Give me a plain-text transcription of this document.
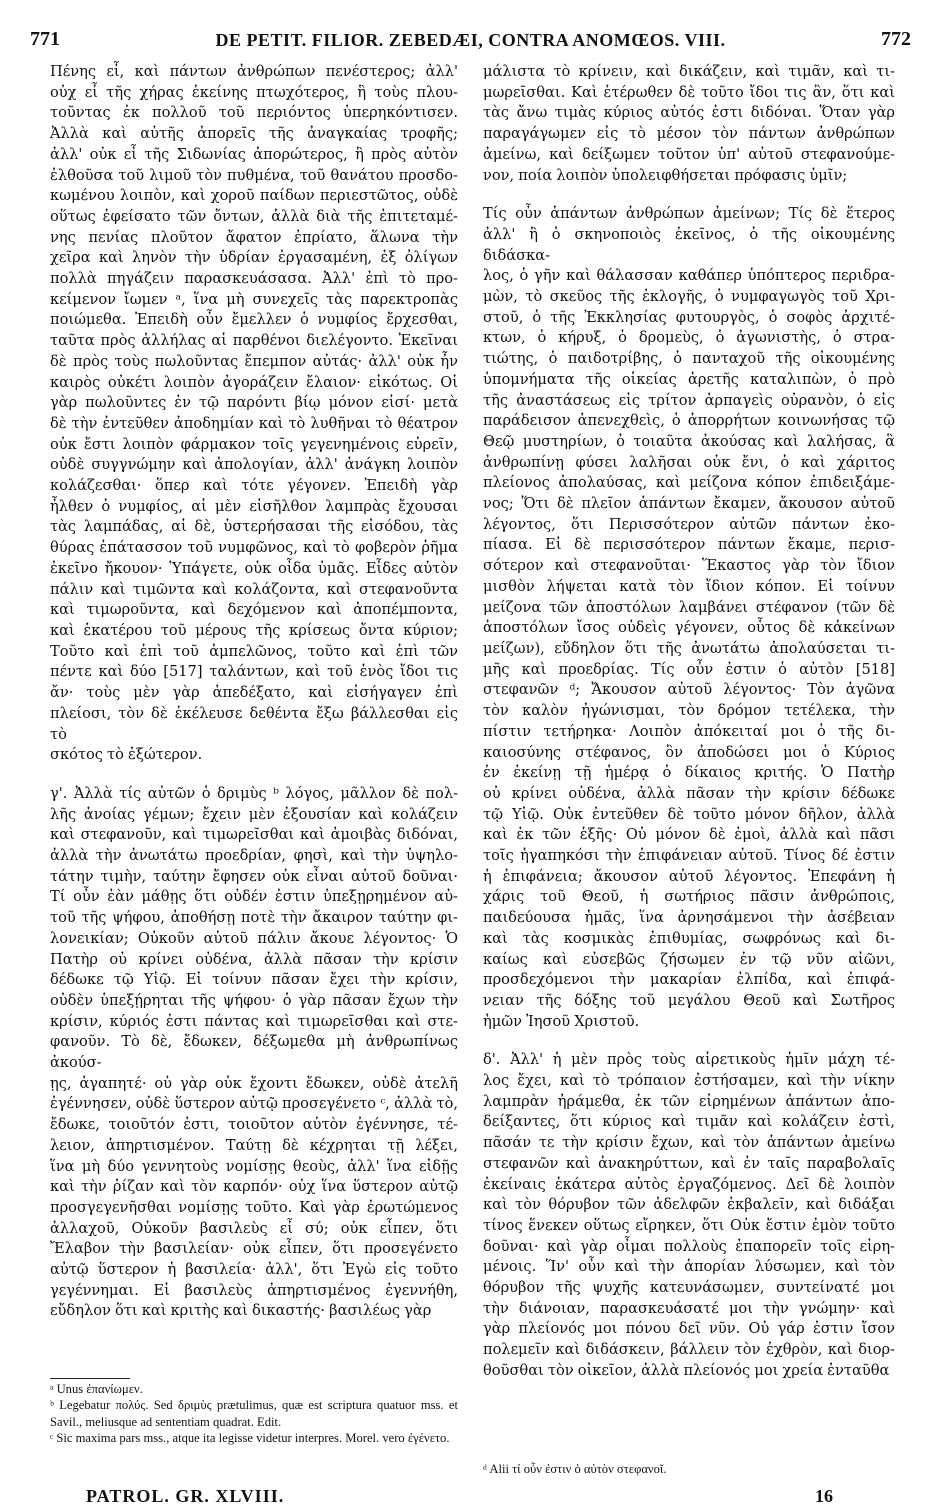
771	DE PETIT. FILIOR. ZEBEDÆI, CONTRA ANOMŒOS. VIII.	772

Πένης εἶ, καὶ πάντων ἀνθρώπων πενέστερος; ἀλλ'

οὐχ εἶ τῆς χήρας ἐκείνης πτωχότερος, ἣ τοὺς πλου-

τοῦντας ἐκ πολλοῦ τοῦ περιόντος ὑπερηκόντισεν.

Ἀλλὰ καὶ αὐτῆς ἀπορεῖς τῆς ἀναγκαίας τροφῆς;

ἀλλ' οὐκ εἶ τῆς Σιδωνίας ἀπορώτερος, ἣ πρὸς αὐτὸν

ἐλθοῦσα τοῦ λιμοῦ τὸν πυθμένα, τοῦ θανάτου προσδο-

κωμένου λοιπὸν, καὶ χοροῦ παίδων περιεστῶτος, οὐδὲ

οὕτως ἐφείσατο τῶν ὄντων, ἀλλὰ διὰ τῆς ἐπιτεταμέ-

νης πενίας πλοῦτον ἄφατον ἐπρίατο, ἅλωνα τὴν

χεῖρα καὶ ληνὸν τὴν ὑδρίαν ἐργασαμένη, ἐξ ὀλίγων

πολλὰ πηγάζειν παρασκευάσασα. Ἀλλ' ἐπὶ τὸ προ-

κείμενον ἴωμεν ᵃ, ἵνα μὴ συνεχεῖς τὰς παρεκτροπὰς

ποιώμεθα. Ἐπειδὴ οὖν ἔμελλεν ὁ νυμφίος ἔρχεσθαι,

ταῦτα πρὸς ἀλλήλας αἱ παρθένοι διελέγοντο. Ἐκεῖναι

δὲ πρὸς τοὺς πωλοῦντας ἔπεμπον αὐτάς· ἀλλ' οὐκ ἦν

καιρὸς οὐκέτι λοιπὸν ἀγοράζειν ἔλαιον· εἰκότως. Οἱ

γὰρ πωλοῦντες ἐν τῷ παρόντι βίῳ μόνον εἰσί· μετὰ

δὲ τὴν ἐντεῦθεν ἀποδημίαν καὶ τὸ λυθῆναι τὸ θέατρον

οὐκ ἔστι λοιπὸν φάρμακον τοῖς γεγενημένοις εὑρεῖν,

οὐδὲ συγγνώμην καὶ ἀπολογίαν, ἀλλ' ἀνάγκη λοιπὸν

κολάζεσθαι· ὅπερ καὶ τότε γέγονεν. Ἐπειδὴ γὰρ

ἦλθεν ὁ νυμφίος, αἱ μὲν εἰσῆλθον λαμπρὰς ἔχουσαι

τὰς λαμπάδας, αἱ δὲ, ὑστερήσασαι τῆς εἰσόδου, τὰς

θύρας ἐπάτασσον τοῦ νυμφῶνος, καὶ τὸ φοβερὸν ῥῆμα

ἐκεῖνο ἤκουον· Ὑπάγετε, οὐκ οἶδα ὑμᾶς. Εἶδες αὐτὸν

πάλιν καὶ τιμῶντα καὶ κολάζοντα, καὶ στεφανοῦντα

καὶ τιμωροῦντα, καὶ δεχόμενον καὶ ἀποπέμποντα,

καὶ ἑκατέρου τοῦ μέρους τῆς κρίσεως ὄντα κύριον;

Τοῦτο καὶ ἐπὶ τοῦ ἀμπελῶνος, τοῦτο καὶ ἐπὶ τῶν

πέντε καὶ δύο [517] ταλάντων, καὶ τοῦ ἑνὸς ἴδοι τις

ἄν· τοὺς μὲν γὰρ ἀπεδέξατο, καὶ εἰσήγαγεν ἐπὶ

πλείοσι, τὸν δὲ ἐκέλευσε δεθέντα ἔξω βάλλεσθαι εἰς τὸ

σκότος τὸ ἐξώτερον.

γ'. Ἀλλὰ τίς αὐτῶν ὁ δριμὺς ᵇ λόγος, μᾶλλον δὲ πολ-

λῆς ἀνοίας γέμων; ἔχειν μὲν ἐξουσίαν καὶ κολάζειν

καὶ στεφανοῦν, καὶ τιμωρεῖσθαι καὶ ἀμοιβὰς διδόναι,

ἀλλὰ τὴν ἀνωτάτω προεδρίαν, φησὶ, καὶ τὴν ὑψηλο-

τάτην τιμὴν, ταύτην ἔφησεν οὐκ εἶναι αὐτοῦ δοῦναι·

Τί οὖν ἐὰν μάθῃς ὅτι οὐδέν ἐστιν ὑπεξῃρημένον αὐ-

τοῦ τῆς ψήφου, ἀποθήσῃ ποτὲ τὴν ἄκαιρον ταύτην φι-

λονεικίαν; Οὐκοῦν αὐτοῦ πάλιν ἄκουε λέγοντος· Ὁ

Πατὴρ οὐ κρίνει οὐδένα, ἀλλὰ πᾶσαν τὴν κρίσιν

δέδωκε τῷ Υἱῷ. Εἰ τοίνυν πᾶσαν ἔχει τὴν κρίσιν,

οὐδὲν ὑπεξῄρηται τῆς ψήφου· ὁ γὰρ πᾶσαν ἔχων τὴν

κρίσιν, κύριός ἐστι πάντας καὶ τιμωρεῖσθαι καὶ στε-

φανοῦν. Τὸ δὲ, ἔδωκεν, δέξωμεθα μὴ ἀνθρωπίνως ἀκούσ-

ῃς, ἀγαπητέ· οὐ γὰρ οὐκ ἔχοντι ἔδωκεν, οὐδὲ ἀτελῆ

ἐγέννησεν, οὐδὲ ὕστερον αὐτῷ προσεγένετο ᶜ, ἀλλὰ τὸ,

ἔδωκε, τοιοῦτόν ἐστι, τοιοῦτον αὐτὸν ἐγέννησε, τέ-

λειον, ἀπηρτισμένον. Ταύτῃ δὲ κέχρηται τῇ λέξει,

ἵνα μὴ δύο γεννητοὺς νομίσῃς θεοὺς, ἀλλ' ἵνα εἰδῇς

καὶ τὴν ῥίζαν καὶ τὸν καρπόν· οὐχ ἵνα ὕστερον αὐτῷ

προσγεγενῆσθαι νομίσῃς τοῦτο. Καὶ γὰρ ἐρωτώμενος

ἀλλαχοῦ, Οὐκοῦν βασιλεὺς εἶ σύ; οὐκ εἶπεν, ὅτι

Ἔλαβον τὴν βασιλείαν· οὐκ εἶπεν, ὅτι προσεγένετο

αὐτῷ ὕστερον ἡ βασιλεία· ἀλλ', ὅτι Ἐγὼ εἰς τοῦτο

γεγέννημαι. Εἰ βασιλεὺς ἀπηρτισμένος ἐγεννήθη,

εὔδηλον ὅτι καὶ κριτὴς καὶ δικαστής· βασιλέως γὰρ

μάλιστα τὸ κρίνειν, καὶ δικάζειν, καὶ τιμᾶν, καὶ τι-

μωρεῖσθαι. Καὶ ἑτέρωθεν δὲ τοῦτο ἴδοι τις ἂν, ὅτι καὶ

τὰς ἄνω τιμὰς κύριος αὐτός ἐστι διδόναι. Ὅταν γὰρ

παραγάγωμεν εἰς τὸ μέσον τὸν πάντων ἀνθρώπων

ἀμείνω, καὶ δείξωμεν τοῦτον ὑπ' αὐτοῦ στεφανούμε-

νον, ποία λοιπὸν ὑπολειφθήσεται πρόφασις ὑμῖν;

Τίς οὖν ἁπάντων ἀνθρώπων ἀμείνων; Τίς δὲ ἕτερος

ἀλλ' ἢ ὁ σκηνοποιὸς ἐκεῖνος, ὁ τῆς οἰκουμένης διδάσκα-

λος, ὁ γῆν καὶ θάλασσαν καθάπερ ὑπόπτερος περιδρα-

μὼν, τὸ σκεῦος τῆς ἐκλογῆς, ὁ νυμφαγωγὸς τοῦ Χρι-

στοῦ, ὁ τῆς Ἐκκλησίας φυτουργὸς, ὁ σοφὸς ἀρχιτέ-

κτων, ὁ κήρυξ, ὁ δρομεὺς, ὁ ἀγωνιστὴς, ὁ στρα-

τιώτης, ὁ παιδοτρίβης, ὁ πανταχοῦ τῆς οἰκουμένης

ὑπομνήματα τῆς οἰκείας ἀρετῆς καταλιπὼν, ὁ πρὸ

τῆς ἀναστάσεως εἰς τρίτον ἁρπαγεὶς οὐρανὸν, ὁ εἰς

παράδεισον ἀπενεχθεὶς, ὁ ἀπορρήτων κοινωνήσας τῷ

Θεῷ μυστηρίων, ὁ τοιαῦτα ἀκούσας καὶ λαλήσας, ἃ

ἀνθρωπίνῃ φύσει λαλῆσαι οὐκ ἔνι, ὁ καὶ χάριτος

πλείονος ἀπολαύσας, καὶ μείζονα κόπον ἐπιδειξάμε-

νος; Ὅτι δὲ πλεῖον ἁπάντων ἔκαμεν, ἄκουσον αὐτοῦ

λέγοντος, ὅτι Περισσότερον αὐτῶν πάντων ἐκο-

πίασα. Εἰ δὲ περισσότερον πάντων ἔκαμε, περισ-

σότερον καὶ στεφανοῦται· Ἕκαστος γὰρ τὸν ἴδιον

μισθὸν λήψεται κατὰ τὸν ἴδιον κόπον. Εἰ τοίνυν

μείζονα τῶν ἀποστόλων λαμβάνει στέφανον (τῶν δὲ

ἀποστόλων ἴσος οὐδεὶς γέγονεν, οὗτος δὲ κἀκείνων

μείζων), εὔδηλον ὅτι τῆς ἀνωτάτω ἀπολαύσεται τι-

μῆς καὶ προεδρίας. Τίς οὖν ἐστιν ὁ αὐτὸν [518]

στεφανῶν ᵈ; Ἄκουσον αὐτοῦ λέγοντος· Τὸν ἀγῶνα

τὸν καλὸν ἠγώνισμαι, τὸν δρόμον τετέλεκα, τὴν

πίστιν τετήρηκα· Λοιπὸν ἀπόκειταί μοι ὁ τῆς δι-

καιοσύνης στέφανος, ὃν ἀποδώσει μοι ὁ Κύριος

ἐν ἐκείνῃ τῇ ἡμέρᾳ ὁ δίκαιος κριτής. Ὁ Πατὴρ

οὐ κρίνει οὐδένα, ἀλλὰ πᾶσαν τὴν κρίσιν δέδωκε

τῷ Υἱῷ. Οὐκ ἐντεῦθεν δὲ τοῦτο μόνον δῆλον, ἀλλὰ

καὶ ἐκ τῶν ἑξῆς· Οὐ μόνον δὲ ἐμοὶ, ἀλλὰ καὶ πᾶσι

τοῖς ἠγαπηκόσι τὴν ἐπιφάνειαν αὐτοῦ. Τίνος δέ ἐστιν

ἡ ἐπιφάνεια; ἄκουσον αὐτοῦ λέγοντος. Ἐπεφάνη ἡ

χάρις τοῦ Θεοῦ, ἡ σωτήριος πᾶσιν ἀνθρώποις,

παιδεύουσα ἡμᾶς, ἵνα ἀρνησάμενοι τὴν ἀσέβειαν

καὶ τὰς κοσμικὰς ἐπιθυμίας, σωφρόνως καὶ δι-

καίως καὶ εὐσεβῶς ζήσωμεν ἐν τῷ νῦν αἰῶνι,

προσδεχόμενοι τὴν μακαρίαν ἐλπίδα, καὶ ἐπιφά-

νειαν τῆς δόξης τοῦ μεγάλου Θεοῦ καὶ Σωτῆρος

ἡμῶν Ἰησοῦ Χριστοῦ.

δ'. Ἀλλ' ἡ μὲν πρὸς τοὺς αἱρετικοὺς ἡμῖν μάχη τέ-

λος ἔχει, καὶ τὸ τρόπαιον ἐστήσαμεν, καὶ τὴν νίκην

λαμπρὰν ἠράμεθα, ἐκ τῶν εἰρημένων ἁπάντων ἀπο-

δείξαντες, ὅτι κύριος καὶ τιμᾶν καὶ κολάζειν ἐστὶ,

πᾶσάν τε τὴν κρίσιν ἔχων, καὶ τὸν ἁπάντων ἀμείνω

στεφανῶν καὶ ἀνακηρύττων, καὶ ἐν ταῖς παραβολαῖς

ἐκείναις ἑκάτερα αὐτὸς ἐργαζόμενος. Δεῖ δὲ λοιπὸν

καὶ τὸν θόρυβον τῶν ἀδελφῶν ἐκβαλεῖν, καὶ διδάξαι

τίνος ἕνεκεν οὕτως εἴρηκεν, ὅτι Οὐκ ἔστιν ἐμὸν τοῦτο

δοῦναι· καὶ γὰρ οἶμαι πολλοὺς ἐπαπορεῖν τοῖς εἰρη-

μένοις. Ἵν' οὖν καὶ τὴν ἀπορίαν λύσωμεν, καὶ τὸν

θόρυβον τῆς ψυχῆς κατευνάσωμεν, συντείνατέ μοι

τὴν διάνοιαν, παρασκευάσατέ μοι τὴν γνώμην· καὶ

γὰρ πλείονός μοι πόνου δεῖ νῦν. Οὐ γάρ ἐστιν ἴσον

πολεμεῖν καὶ διδάσκειν, βάλλειν τὸν ἐχθρὸν, καὶ διορ-

θοῦσθαι τὸν οἰκεῖον, ἀλλὰ πλείονός μοι χρεία ἐνταῦθα

ᵃ Unus ἐπανίωμεν.

ᵇ Legebatur πολύς. Sed δριμὺς prætulimus, quæ est scriptura quatuor mss. et Savil., meliusque ad sententiam quadrat. Edit.

ᶜ Sic maxima pars mss., atque ita legisse videtur interpres. Morel. vero ἐγένετο.

ᵈ Alii τί οὖν ἐστιν ὁ αὐτὸν στεφανοῖ.
PATROL. GR. XLVIII.	16
